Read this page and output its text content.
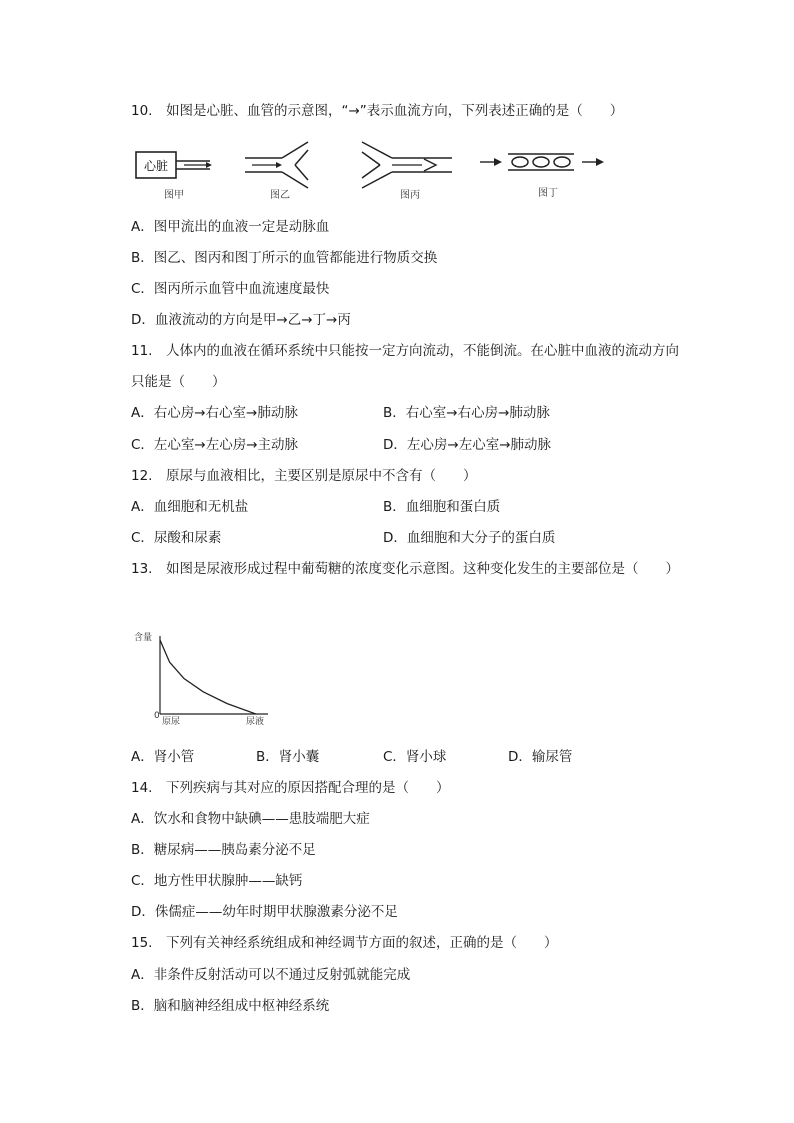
10.　如图是心脏、血管的示意图，“→”表示血流方向，下列表述正确的是（　　）
心脏
图甲	图乙	图丙	图丁
A．图甲流出的血液一定是动脉血
B．图乙、图丙和图丁所示的血管都能进行物质交换
C．图丙所示血管中血流速度最快
D．血液流动的方向是甲→乙→丁→丙
11.　人体内的血液在循环系统中只能按一定方向流动，不能倒流。在心脏中血液的流动方向
只能是（　　）
A．右心房→右心室→肺动脉	B．右心室→右心房→肺动脉
C．左心室→左心房→主动脉	D．左心房→左心室→肺动脉
12.　原尿与血液相比，主要区别是原尿中不含有（　　）
A．血细胞和无机盐	B．血细胞和蛋白质
C．尿酸和尿素	D．血细胞和大分子的蛋白质
13.　如图是尿液形成过程中葡萄糖的浓度变化示意图。这种变化发生的主要部位是（　　）
含量
0
原尿	尿液
A．肾小管	B．肾小囊	C．肾小球	D．输尿管
14.　下列疾病与其对应的原因搭配合理的是（　　）
A．饮水和食物中缺碘——患肢端肥大症
B．糖尿病——胰岛素分泌不足
C．地方性甲状腺肿——缺钙
D．侏儒症——幼年时期甲状腺激素分泌不足
15.　下列有关神经系统组成和神经调节方面的叙述，正确的是（　　）
A．非条件反射活动可以不通过反射弧就能完成
B．脑和脑神经组成中枢神经系统
